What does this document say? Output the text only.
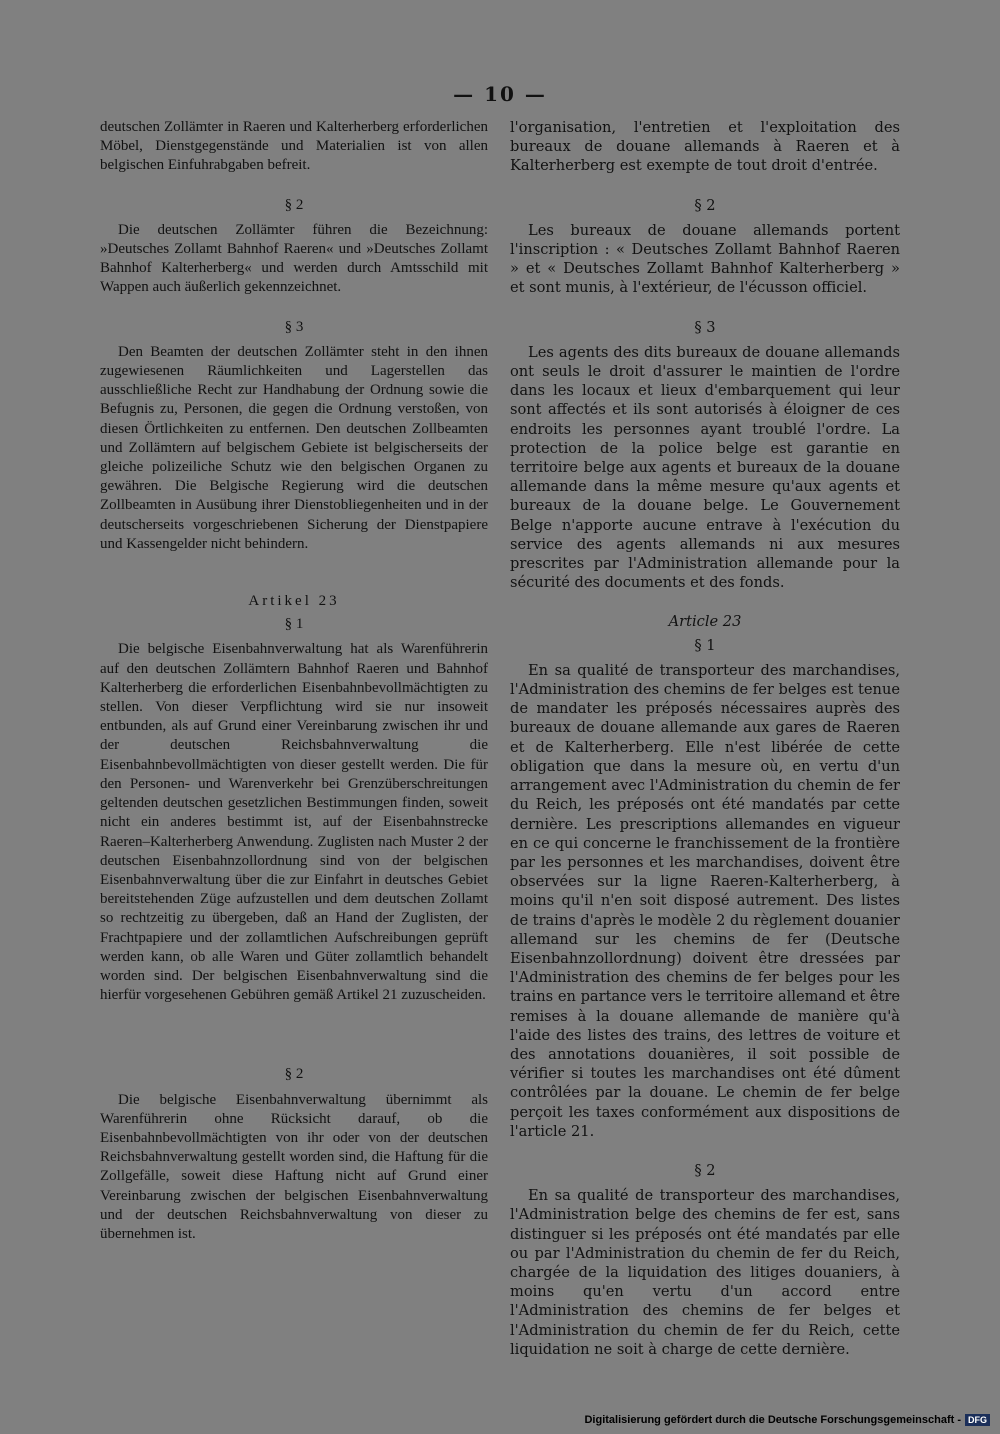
— 10 —

deutschen Zollämter in Raeren und Kalterherberg erforderlichen Möbel, Dienstgegenstände und Materialien ist von allen belgischen Einfuhrabgaben befreit.

§ 2

Die deutschen Zollämter führen die Bezeichnung: »Deutsches Zollamt Bahnhof Raeren« und »Deutsches Zollamt Bahnhof Kalterherberg« und werden durch Amtsschild mit Wappen auch äußerlich gekennzeichnet.

§ 3

Den Beamten der deutschen Zollämter steht in den ihnen zugewiesenen Räumlichkeiten und Lagerstellen das ausschließliche Recht zur Handhabung der Ordnung sowie die Befugnis zu, Personen, die gegen die Ordnung verstoßen, von diesen Örtlichkeiten zu entfernen. Den deutschen Zollbeamten und Zollämtern auf belgischem Gebiete ist belgischerseits der gleiche polizeiliche Schutz wie den belgischen Organen zu gewähren. Die Belgische Regierung wird die deutschen Zollbeamten in Ausübung ihrer Dienstobliegenheiten und in der deutscherseits vorgeschriebenen Sicherung der Dienstpapiere und Kassengelder nicht behindern.

Artikel 23

§ 1

Die belgische Eisenbahnverwaltung hat als Warenführerin auf den deutschen Zollämtern Bahnhof Raeren und Bahnhof Kalterherberg die erforderlichen Eisenbahnbevollmächtigten zu stellen. Von dieser Verpflichtung wird sie nur insoweit entbunden, als auf Grund einer Vereinbarung zwischen ihr und der deutschen Reichsbahnverwaltung die Eisenbahnbevollmächtigten von dieser gestellt werden. Die für den Personen- und Warenverkehr bei Grenzüberschreitungen geltenden deutschen gesetzlichen Bestimmungen finden, soweit nicht ein anderes bestimmt ist, auf der Eisenbahnstrecke Raeren–Kalterherberg Anwendung. Zuglisten nach Muster 2 der deutschen Eisenbahnzollordnung sind von der belgischen Eisenbahnverwaltung über die zur Einfahrt in deutsches Gebiet bereitstehenden Züge aufzustellen und dem deutschen Zollamt so rechtzeitig zu übergeben, daß an Hand der Zuglisten, der Frachtpapiere und der zollamtlichen Aufschreibungen geprüft werden kann, ob alle Waren und Güter zollamtlich behandelt worden sind. Der belgischen Eisenbahnverwaltung sind die hierfür vorgesehenen Gebühren gemäß Artikel 21 zuzuscheiden.

§ 2

Die belgische Eisenbahnverwaltung übernimmt als Warenführerin ohne Rücksicht darauf, ob die Eisenbahnbevollmächtigten von ihr oder von der deutschen Reichsbahnverwaltung gestellt worden sind, die Haftung für die Zollgefälle, soweit diese Haftung nicht auf Grund einer Vereinbarung zwischen der belgischen Eisenbahnverwaltung und der deutschen Reichsbahnverwaltung von dieser zu übernehmen ist.

l'organisation, l'entretien et l'exploitation des bureaux de douane allemands à Raeren et à Kalterherberg est exempte de tout droit d'entrée.

§ 2

Les bureaux de douane allemands portent l'inscription : « Deutsches Zollamt Bahnhof Raeren » et « Deutsches Zollamt Bahnhof Kalterherberg » et sont munis, à l'extérieur, de l'écusson officiel.

§ 3

Les agents des dits bureaux de douane allemands ont seuls le droit d'assurer le maintien de l'ordre dans les locaux et lieux d'embarquement qui leur sont affectés et ils sont autorisés à éloigner de ces endroits les personnes ayant troublé l'ordre. La protection de la police belge est garantie en territoire belge aux agents et bureaux de la douane allemande dans la même mesure qu'aux agents et bureaux de la douane belge. Le Gouvernement Belge n'apporte aucune entrave à l'exécution du service des agents allemands ni aux mesures prescrites par l'Administration allemande pour la sécurité des documents et des fonds.

Article 23

§ 1

En sa qualité de transporteur des marchandises, l'Administration des chemins de fer belges est tenue de mandater les préposés nécessaires auprès des bureaux de douane allemande aux gares de Raeren et de Kalterherberg. Elle n'est libérée de cette obligation que dans la mesure où, en vertu d'un arrangement avec l'Administration du chemin de fer du Reich, les préposés ont été mandatés par cette dernière. Les prescriptions allemandes en vigueur en ce qui concerne le franchissement de la frontière par les personnes et les marchandises, doivent être observées sur la ligne Raeren-Kalterherberg, à moins qu'il n'en soit disposé autrement. Des listes de trains d'après le modèle 2 du règlement douanier allemand sur les chemins de fer (Deutsche Eisenbahnzollordnung) doivent être dressées par l'Administration des chemins de fer belges pour les trains en partance vers le territoire allemand et être remises à la douane allemande de manière qu'à l'aide des listes des trains, des lettres de voiture et des annotations douanières, il soit possible de vérifier si toutes les marchandises ont été dûment contrôlées par la douane. Le chemin de fer belge perçoit les taxes conformément aux dispositions de l'article 21.

§ 2

En sa qualité de transporteur des marchandises, l'Administration belge des chemins de fer est, sans distinguer si les préposés ont été mandatés par elle ou par l'Administration du chemin de fer du Reich, chargée de la liquidation des litiges douaniers, à moins qu'en vertu d'un accord entre l'Administration des chemins de fer belges et l'Administration du chemin de fer du Reich, cette liquidation ne soit à charge de cette dernière.

Digitalisierung gefördert durch die Deutsche Forschungsgemeinschaft - DFG
